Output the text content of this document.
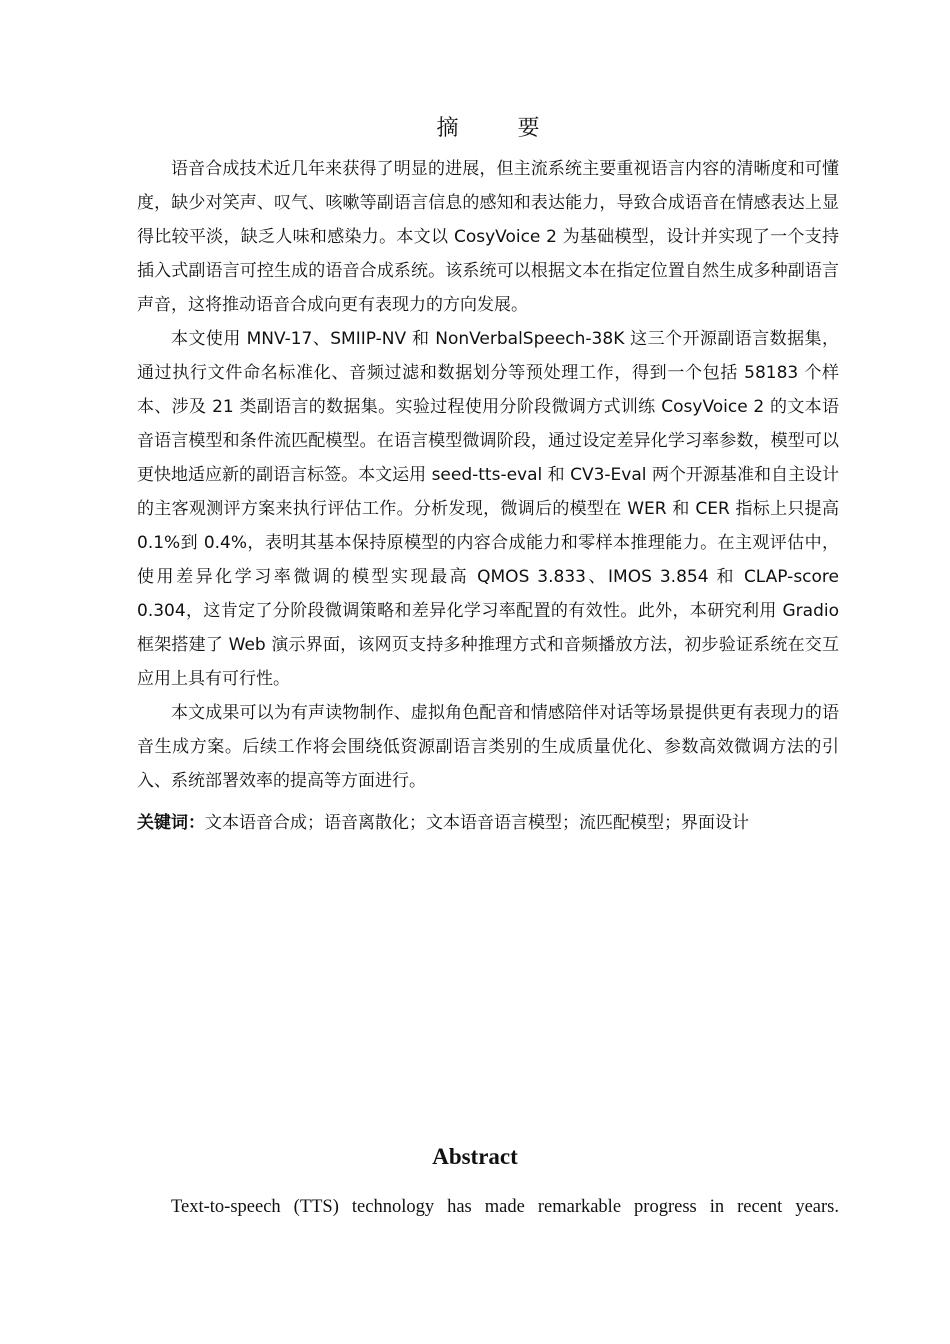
摘 要

语音合成技术近几年来获得了明显的进展，但主流系统主要重视语言内容的清晰度和可懂度，缺少对笑声、叹气、咳嗽等副语言信息的感知和表达能力，导致合成语音在情感表达上显得比较平淡，缺乏人味和感染力。本文以 CosyVoice 2 为基础模型，设计并实现了一个支持插入式副语言可控生成的语音合成系统。该系统可以根据文本在指定位置自然生成多种副语言声音，这将推动语音合成向更有表现力的方向发展。

本文使用 MNV-17、SMIIP-NV 和 NonVerbalSpeech-38K 这三个开源副语言数据集，通过执行文件命名标准化、音频过滤和数据划分等预处理工作，得到一个包括 58183 个样本、涉及 21 类副语言的数据集。实验过程使用分阶段微调方式训练 CosyVoice 2 的文本语音语言模型和条件流匹配模型。在语言模型微调阶段，通过设定差异化学习率参数，模型可以更快地适应新的副语言标签。本文运用 seed-tts-eval 和 CV3-Eval 两个开源基准和自主设计的主客观测评方案来执行评估工作。分析发现，微调后的模型在 WER 和 CER 指标上只提高 0.1%到 0.4%，表明其基本保持原模型的内容合成能力和零样本推理能力。在主观评估中，使用差异化学习率微调的模型实现最高 QMOS 3.833、IMOS 3.854 和 CLAP-score 0.304，这肯定了分阶段微调策略和差异化学习率配置的有效性。此外，本研究利用 Gradio 框架搭建了 Web 演示界面，该网页支持多种推理方式和音频播放方法，初步验证系统在交互应用上具有可行性。

本文成果可以为有声读物制作、虚拟角色配音和情感陪伴对话等场景提供更有表现力的语音生成方案。后续工作将会围绕低资源副语言类别的生成质量优化、参数高效微调方法的引入、系统部署效率的提高等方面进行。

关键词：文本语音合成；语音离散化；文本语音语言模型；流匹配模型；界面设计
Abstract

Text-to-speech (TTS) technology has made remarkable progress in recent years.
